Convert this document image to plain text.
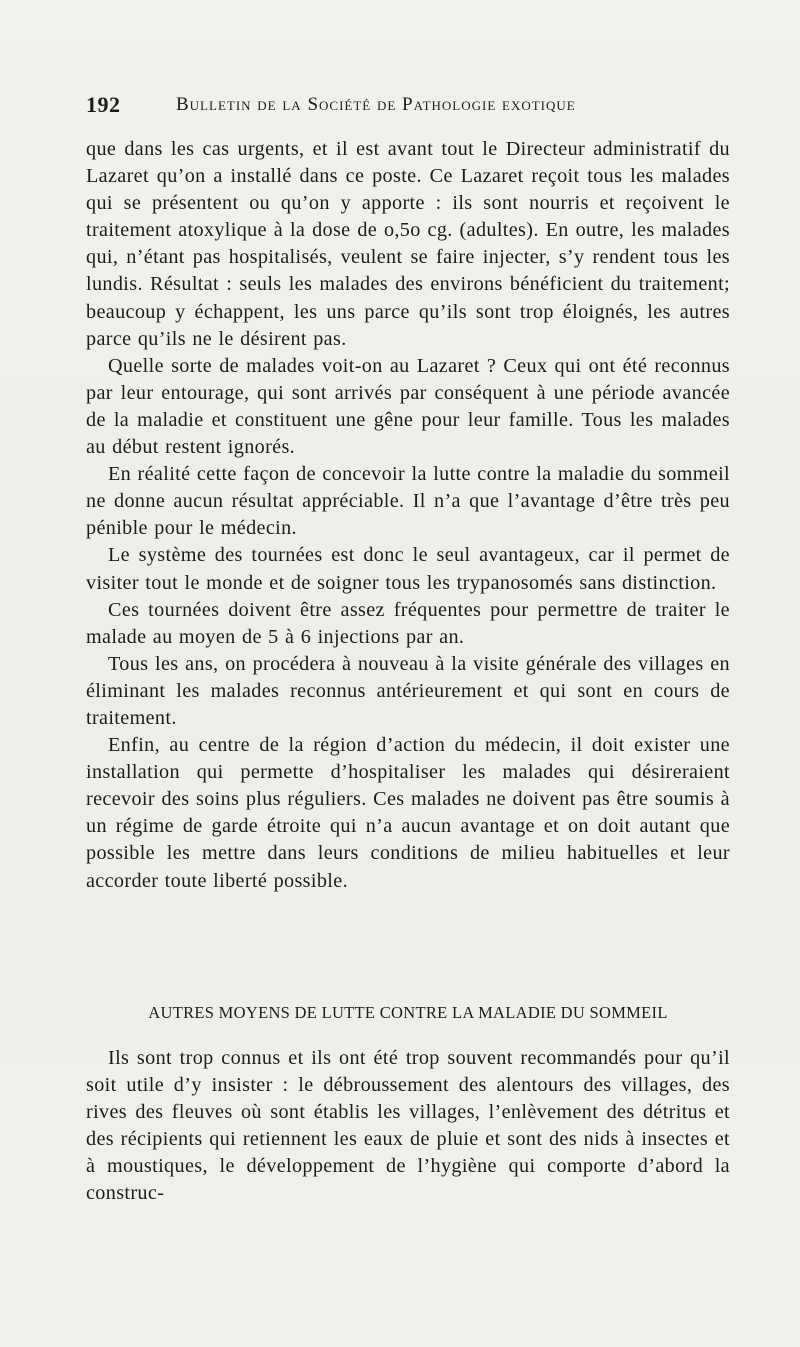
192	Bulletin de la Société de Pathologie exotique

que dans les cas urgents, et il est avant tout le Directeur administratif du Lazaret qu’on a installé dans ce poste. Ce Lazaret reçoit tous les malades qui se présentent ou qu’on y apporte : ils sont nourris et reçoivent le traitement atoxylique à la dose de o,5o cg. (adultes). En outre, les malades qui, n’étant pas hospitalisés, veulent se faire injecter, s’y rendent tous les lundis. Résultat : seuls les malades des environs bénéficient du traitement; beaucoup y échappent, les uns parce qu’ils sont trop éloignés, les autres parce qu’ils ne le désirent pas.

Quelle sorte de malades voit-on au Lazaret ? Ceux qui ont été reconnus par leur entourage, qui sont arrivés par conséquent à une période avancée de la maladie et constituent une gêne pour leur famille. Tous les malades au début restent ignorés.

En réalité cette façon de concevoir la lutte contre la maladie du sommeil ne donne aucun résultat appréciable. Il n’a que l’avantage d’être très peu pénible pour le médecin.

Le système des tournées est donc le seul avantageux, car il permet de visiter tout le monde et de soigner tous les trypanosomés sans distinction.

Ces tournées doivent être assez fréquentes pour permettre de traiter le malade au moyen de 5 à 6 injections par an.

Tous les ans, on procédera à nouveau à la visite générale des villages en éliminant les malades reconnus antérieurement et qui sont en cours de traitement.

Enfin, au centre de la région d’action du médecin, il doit exister une installation qui permette d’hospitaliser les malades qui désireraient recevoir des soins plus réguliers. Ces malades ne doivent pas être soumis à un régime de garde étroite qui n’a aucun avantage et on doit autant que possible les mettre dans leurs conditions de milieu habituelles et leur accorder toute liberté possible.

AUTRES MOYENS DE LUTTE CONTRE LA MALADIE DU SOMMEIL

Ils sont trop connus et ils ont été trop souvent recommandés pour qu’il soit utile d’y insister : le débroussement des alentours des villages, des rives des fleuves où sont établis les villages, l’enlèvement des détritus et des récipients qui retiennent les eaux de pluie et sont des nids à insectes et à moustiques, le développement de l’hygiène qui comporte d’abord la construc-
